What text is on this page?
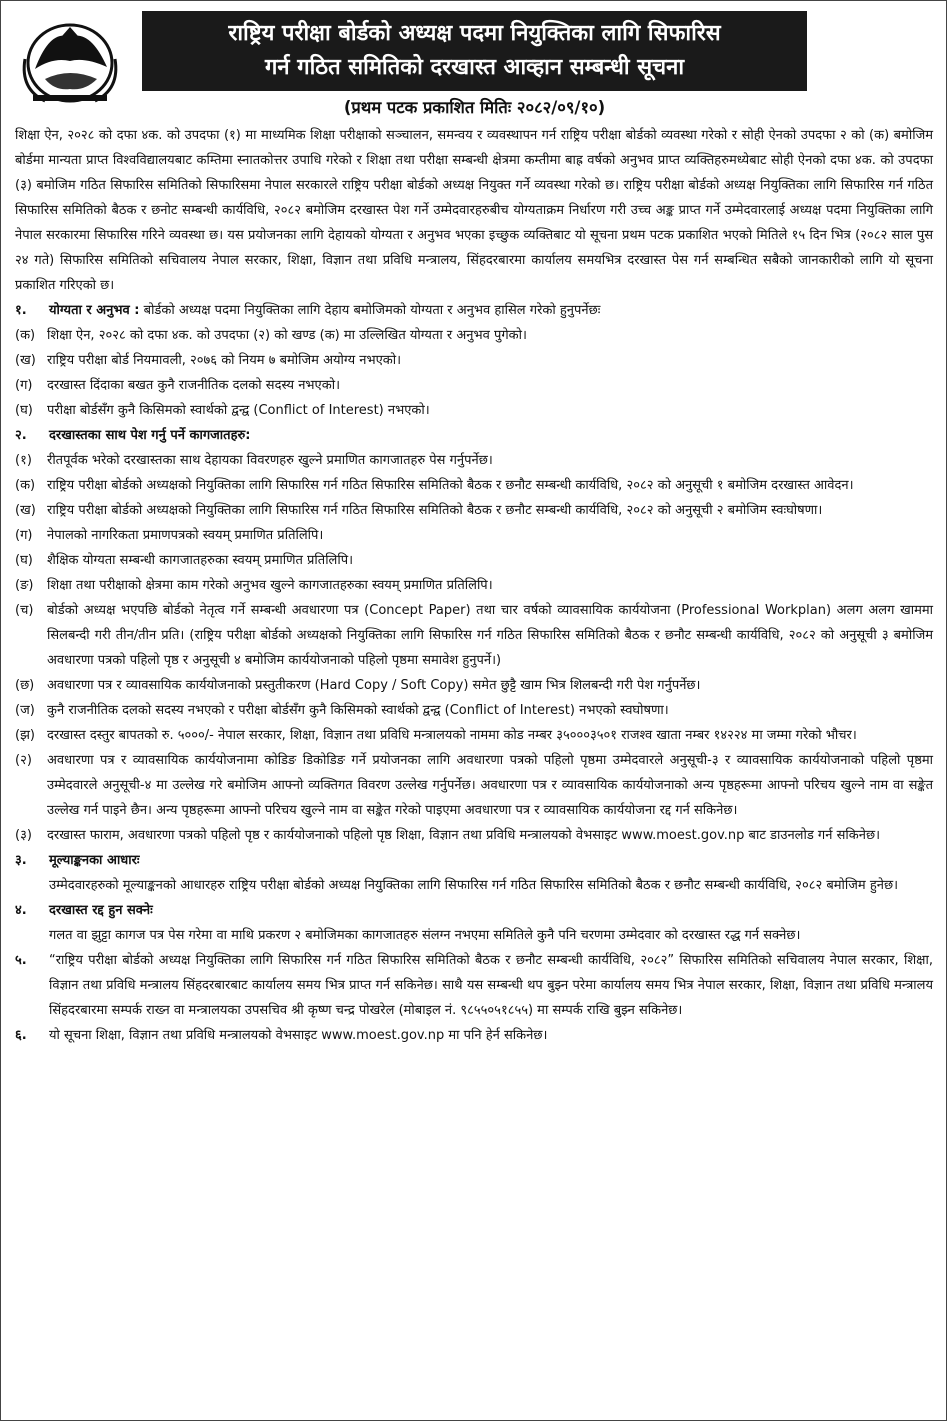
राष्ट्रिय परीक्षा बोर्डको अध्यक्ष पदमा नियुक्तिका लागि सिफारिस
गर्न गठित समितिको दरखास्त आव्हान सम्बन्धी सूचना
(प्रथम पटक प्रकाशित मितिः २०८२/०९/१०)
शिक्षा ऐन, २०२८ को दफा ४क. को उपदफा (१) मा माध्यमिक शिक्षा परीक्षाको सञ्चालन, समन्वय र व्यवस्थापन गर्न राष्ट्रिय परीक्षा बोर्डको व्यवस्था गरेको र सोही ऐनको उपदफा २ को (क) बमोजिम बोर्डमा मान्यता प्राप्त विश्वविद्यालयबाट कम्तिमा स्नातकोत्तर उपाधि गरेको र शिक्षा तथा परीक्षा सम्बन्धी क्षेत्रमा कम्तीमा बाह्र वर्षको अनुभव प्राप्त व्यक्तिहरुमध्येबाट सोही ऐनको दफा ४क. को उपदफा (३) बमोजिम गठित सिफारिस समितिको सिफारिसमा नेपाल सरकारले राष्ट्रिय परीक्षा बोर्डको अध्यक्ष नियुक्त गर्ने व्यवस्था गरेको छ। राष्ट्रिय परीक्षा बोर्डको अध्यक्ष नियुक्तिका लागि सिफारिस गर्न गठित सिफारिस समितिको बैठक र छनोट सम्बन्धी कार्यविधि, २०८२ बमोजिम दरखास्त पेश गर्ने उम्मेदवारहरुबीच योग्यताक्रम निर्धारण गरी उच्च अङ्क प्राप्त गर्ने उम्मेदवारलाई अध्यक्ष पदमा नियुक्तिका लागि नेपाल सरकारमा सिफारिस गरिने व्यवस्था छ। यस प्रयोजनका लागि देहायको योग्यता र अनुभव भएका इच्छुक व्यक्तिबाट यो सूचना प्रथम पटक प्रकाशित भएको मितिले १५ दिन भित्र (२०८२ साल पुस २४ गते) सिफारिस समितिको सचिवालय नेपाल सरकार, शिक्षा, विज्ञान तथा प्रविधि मन्त्रालय, सिंहदरबारमा कार्यालय समयभित्र दरखास्त पेस गर्न सम्बन्धित सबैको जानकारीको लागि यो सूचना प्रकाशित गरिएको छ।
१.	योग्यता र अनुभव : बोर्डको अध्यक्ष पदमा नियुक्तिका लागि देहाय बमोजिमको योग्यता र अनुभव हासिल गरेको हुनुपर्नेछः
(क) शिक्षा ऐन, २०२८ को दफा ४क. को उपदफा (२) को खण्ड (क) मा उल्लिखित योग्यता र अनुभव पुगेको।
(ख) राष्ट्रिय परीक्षा बोर्ड नियमावली, २०७६ को नियम ७ बमोजिम अयोग्य नभएको।
(ग)	दरखास्त दिंदाका बखत कुनै राजनीतिक दलको सदस्य नभएको।
(घ)	परीक्षा बोर्डसँग कुनै किसिमको स्वार्थको द्वन्द्व (Conflict of Interest) नभएको।
२.	दरखास्तका साथ पेश गर्नु पर्ने कागजातहरु:
(१)	रीतपूर्वक भरेको दरखास्तका साथ देहायका विवरणहरु खुल्ने प्रमाणित कागजातहरु पेस गर्नुपर्नेछ।
(क) राष्ट्रिय परीक्षा बोर्डको अध्यक्षको नियुक्तिका लागि सिफारिस गर्न गठित सिफारिस समितिको बैठक र छनौट सम्बन्धी कार्यविधि, २०८२ को अनुसूची १ बमोजिम दरखास्त आवेदन।
(ख) राष्ट्रिय परीक्षा बोर्डको अध्यक्षको नियुक्तिका लागि सिफारिस गर्न गठित सिफारिस समितिको बैठक र छनौट सम्बन्धी कार्यविधि, २०८२ को अनुसूची २ बमोजिम स्वःघोषणा।
(ग)	नेपालको नागरिकता प्रमाणपत्रको स्वयम् प्रमाणित प्रतिलिपि।
(घ)	शैक्षिक योग्यता सम्बन्धी कागजातहरुका स्वयम् प्रमाणित प्रतिलिपि।
(ङ)	शिक्षा तथा परीक्षाको क्षेत्रमा काम गरेको अनुभव खुल्ने कागजातहरुका स्वयम् प्रमाणित प्रतिलिपि।
(च)	बोर्डको अध्यक्ष भएपछि बोर्डको नेतृत्व गर्ने सम्बन्धी अवधारणा पत्र (Concept Paper) तथा चार वर्षको व्यावसायिक कार्ययोजना (Professional Workplan) अलग अलग खाममा सिलबन्दी गरी तीन/तीन प्रति। (राष्ट्रिय परीक्षा बोर्डको अध्यक्षको नियुक्तिका लागि सिफारिस गर्न गठित सिफारिस समितिको बैठक र छनौट सम्बन्धी कार्यविधि, २०८२ को अनुसूची ३ बमोजिम अवधारणा पत्रको पहिलो पृष्ठ र अनुसूची ४ बमोजिम कार्ययोजनाको पहिलो पृष्ठमा समावेश हुनुपर्ने।)
(छ) अवधारणा पत्र र व्यावसायिक कार्ययोजनाको प्रस्तुतीकरण (Hard Copy / Soft Copy) समेत छुट्टै खाम भित्र शिलबन्दी गरी पेश गर्नुपर्नेछ।
(ज) कुनै राजनीतिक दलको सदस्य नभएको र परीक्षा बोर्डसँग कुनै किसिमको स्वार्थको द्वन्द्व (Conflict of Interest) नभएको स्वघोषणा।
(झ) दरखास्त दस्तुर बापतको रु. ५०००/- नेपाल सरकार, शिक्षा, विज्ञान तथा प्रविधि मन्त्रालयको नाममा कोड नम्बर ३५०००३५०१ राजश्व खाता नम्बर १४२२४ मा जम्मा गरेको भौचर।
(२)	अवधारणा पत्र र व्यावसायिक कार्ययोजनामा कोडिङ डिकोडिङ गर्ने प्रयोजनका लागि अवधारणा पत्रको पहिलो पृष्ठमा उम्मेदवारले अनुसूची-३ र व्यावसायिक कार्ययोजनाको पहिलो पृष्ठमा उम्मेदवारले अनुसूची-४ मा उल्लेख गरे बमोजिम आफ्नो व्यक्तिगत विवरण उल्लेख गर्नुपर्नेछ। अवधारणा पत्र र व्यावसायिक कार्ययोजनाको अन्य पृष्ठहरूमा आफ्नो परिचय खुल्ने नाम वा सङ्केत उल्लेख गर्न पाइने छैन। अन्य पृष्ठहरूमा आफ्नो परिचय खुल्ने नाम वा सङ्केत गरेको पाइएमा अवधारणा पत्र र व्यावसायिक कार्ययोजना रद्द गर्न सकिनेछ।
(३)	दरखास्त फाराम, अवधारणा पत्रको पहिलो पृष्ठ र कार्ययोजनाको पहिलो पृष्ठ शिक्षा, विज्ञान तथा प्रविधि मन्त्रालयको वेभसाइट www.moest.gov.np बाट डाउनलोड गर्न सकिनेछ।
३.	मूल्याङ्कनका आधारः
उम्मेदवारहरुको मूल्याङ्कनको आधारहरु राष्ट्रिय परीक्षा बोर्डको अध्यक्ष नियुक्तिका लागि सिफारिस गर्न गठित सिफारिस समितिको बैठक र छनौट सम्बन्धी कार्यविधि, २०८२ बमोजिम हुनेछ।
४.	दरखास्त रद्द हुन सक्नेः
गलत वा झुट्टा कागज पत्र पेस गरेमा वा माथि प्रकरण २ बमोजिमका कागजातहरु संलग्न नभएमा समितिले कुनै पनि चरणमा उम्मेदवार को दरखास्त रद्ध गर्न सक्नेछ।
५.	“राष्ट्रिय परीक्षा बोर्डको अध्यक्ष नियुक्तिका लागि सिफारिस गर्न गठित सिफारिस समितिको बैठक र छनौट सम्बन्धी कार्यविधि, २०८२” सिफारिस समितिको सचिवालय नेपाल सरकार, शिक्षा, विज्ञान तथा प्रविधि मन्त्रालय सिंहदरबारबाट कार्यालय समय भित्र प्राप्त गर्न सकिनेछ। साथै यस सम्बन्धी थप बुझ्न परेमा कार्यालय समय भित्र नेपाल सरकार, शिक्षा, विज्ञान तथा प्रविधि मन्त्रालय सिंहदरबारमा सम्पर्क राख्न वा मन्त्रालयका उपसचिव श्री कृष्ण चन्द्र पोखरेल (मोबाइल नं. ९८५५०५१८५५) मा सम्पर्क राखि बुझ्न सकिनेछ।
६.	यो सूचना शिक्षा, विज्ञान तथा प्रविधि मन्त्रालयको वेभसाइट www.moest.gov.np मा पनि हेर्न सकिनेछ।
